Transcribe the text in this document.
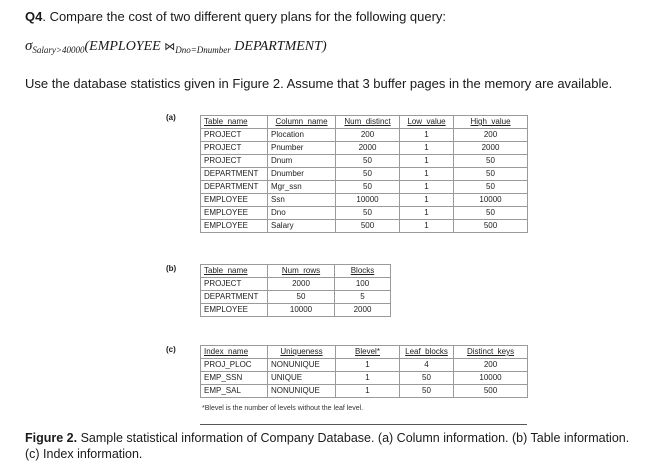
Q4. Compare the cost of two different query plans for the following query:
$\sigma_{Salary>40000}(EMPLOYEE$ $⋈_{Dno=Dnumber}$ DEPARTMENT)
Use the database statistics given in Figure 2. Assume that 3 buffer pages in the memory are available.
(a)	Table_name	Column_name	Num_distinct	Low_value	High_value
PROJECT	Plocation	200	1	200
PROJECT	Pnumber	2000	1	2000
PROJECT	Dnum	50	1	50
DEPARTMENT	Dnumber	50	1	50
DEPARTMENT	Mgr_ssn	50	1	50
EMPLOYEE	Ssn	10000	1	10000
EMPLOYEE	Dno	50	1	50
EMPLOYEE	Salary	500	1	500
(b)	Table_name	Num_rows	Blocks
PROJECT	2000	100
DEPARTMENT	50	5
EMPLOYEE	10000	2000
(c)	Index_name	Uniqueness	Blevel*	Leaf_blocks	Distinct_keys
PROJ_PLOC	NONUNIQUE	1	4	200
EMP_SSN	UNIQUE	1	50	10000
EMP_SAL	NONUNIQUE	1	50	500
*Blevel is the number of levels without the leaf level.
Figure 2. Sample statistical information of Company Database. (a) Column information. (b) Table information. (c) Index information.
